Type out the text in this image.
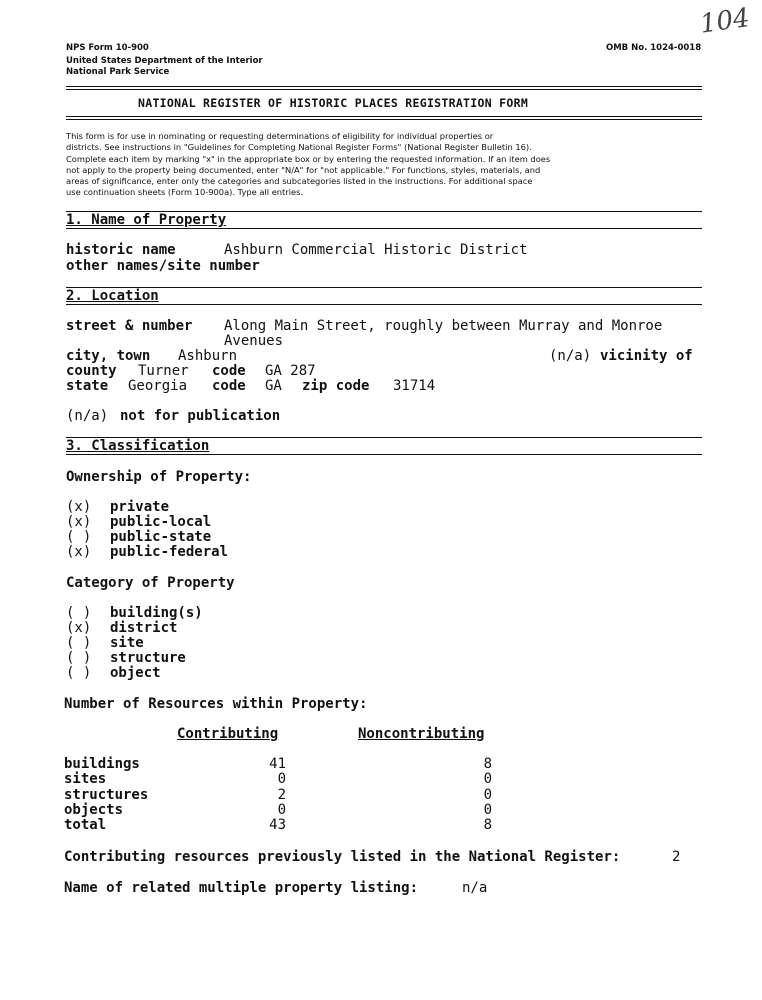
104 
NPS Form 10-900
United States Department of the Interior
National Park Service
OMB No. 1024-0018
NATIONAL REGISTER OF HISTORIC PLACES REGISTRATION FORM
This form is for use in nominating or requesting determinations of eligibility for individual properties or
districts. See instructions in "Guidelines for Completing National Register Forms" (National Register Bulletin 16).
Complete each item by marking "x" in the appropriate box or by entering the requested information. If an item does
not apply to the property being documented, enter "N/A" for "not applicable." For functions, styles, materials, and
areas of significance, enter only the categories and subcategories listed in the instructions. For additional space
use continuation sheets (Form 10-900a). Type all entries.
1. Name of Property
historic name	Ashburn Commercial Historic District
other names/site number
2. Location
street & number Along Main Street, roughly between Murray and Monroe
Avenues
city, town Ashburn	(n/a) vicinity of
county Turner code GA 287
state Georgia code GA zip code 31714
(n/a) not for publication
3. Classification
Ownership of Property:
(x) private
(x) public-local
( ) public-state
(x) public-federal
Category of Property
( ) building(s)
(x) district
( ) site
( ) structure
( ) object
Number of Resources within Property:
Contributing	Noncontributing
buildings	41	8
sites	0	0
structures	2	0
objects	0	0
total	43	8
Contributing resources previously listed in the National Register:	2
Name of related multiple property listing:	n/a
